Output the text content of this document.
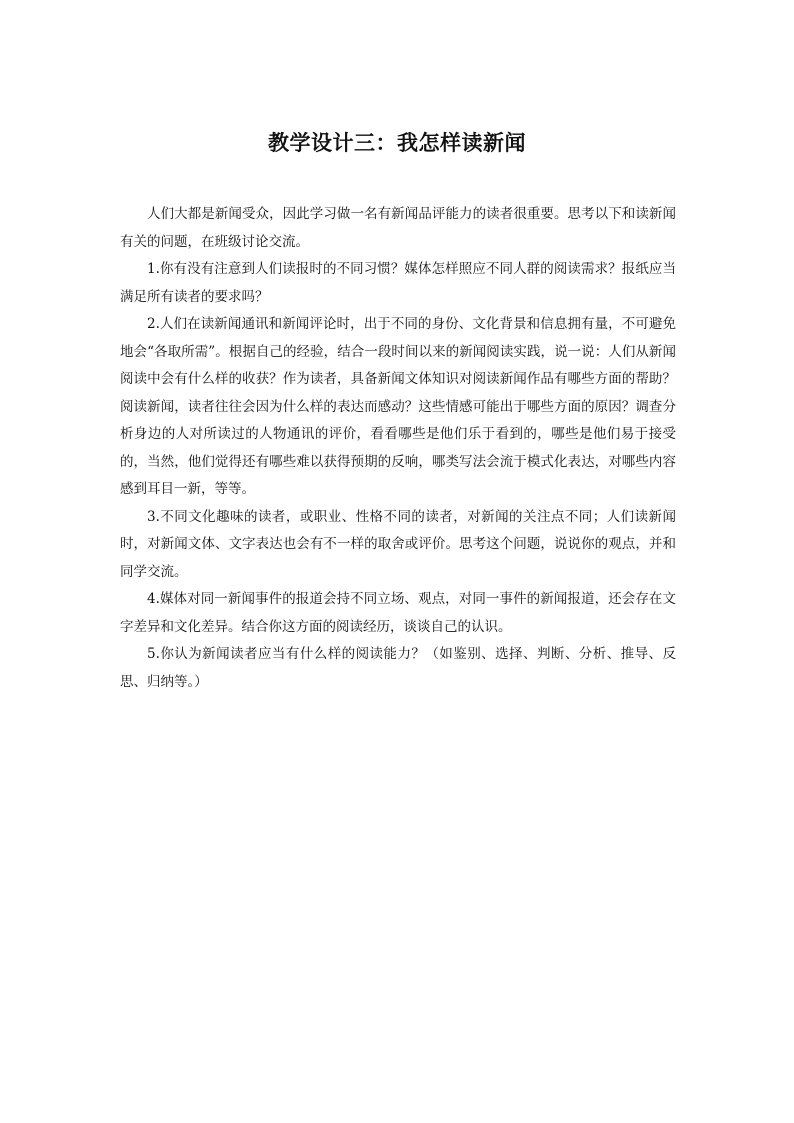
教学设计三：我怎样读新闻

人们大都是新闻受众，因此学习做一名有新闻品评能力的读者很重要。思考以下和读新闻有关的问题，在班级讨论交流。

1.你有没有注意到人们读报时的不同习惯？媒体怎样照应不同人群的阅读需求？报纸应当满足所有读者的要求吗？

2.人们在读新闻通讯和新闻评论时，出于不同的身份、文化背景和信息拥有量，不可避免地会“各取所需”。根据自己的经验，结合一段时间以来的新闻阅读实践，说一说：人们从新闻阅读中会有什么样的收获？作为读者，具备新闻文体知识对阅读新闻作品有哪些方面的帮助？阅读新闻，读者往往会因为什么样的表达而感动？这些情感可能出于哪些方面的原因？调查分析身边的人对所读过的人物通讯的评价，看看哪些是他们乐于看到的，哪些是他们易于接受的，当然，他们觉得还有哪些难以获得预期的反响，哪类写法会流于模式化表达，对哪些内容感到耳目一新，等等。

3.不同文化趣味的读者，或职业、性格不同的读者，对新闻的关注点不同；人们读新闻时，对新闻文体、文字表达也会有不一样的取舍或评价。思考这个问题，说说你的观点，并和同学交流。

4.媒体对同一新闻事件的报道会持不同立场、观点，对同一事件的新闻报道，还会存在文字差异和文化差异。结合你这方面的阅读经历，谈谈自己的认识。

5.你认为新闻读者应当有什么样的阅读能力？（如鉴别、选择、判断、分析、推导、反思、归纳等。）
